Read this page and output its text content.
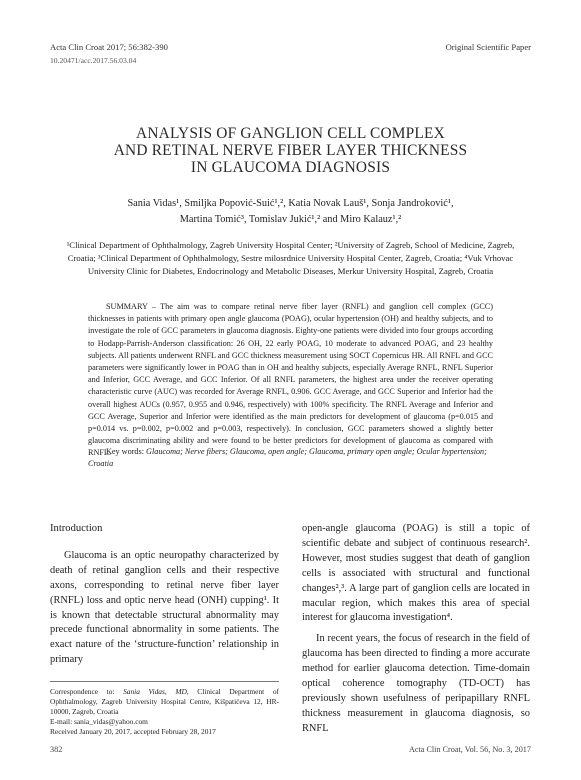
Acta Clin Croat 2017; 56:382-390	Original Scientific Paper
10.20471/acc.2017.56.03.04
ANALYSIS OF GANGLION CELL COMPLEX
AND RETINAL NERVE FIBER LAYER THICKNESS
IN GLAUCOMA DIAGNOSIS
Sania Vidas¹, Smiljka Popović-Suić¹,², Katia Novak Lauš¹, Sonja Jandroković¹,
Martina Tomić³, Tomislav Jukić¹,² and Miro Kalauz¹,²
¹Clinical Department of Ophthalmology, Zagreb University Hospital Center; ²University of Zagreb, School of Medicine, Zagreb, Croatia; ³Clinical Department of Ophthalmology, Sestre milosrdnice University Hospital Center, Zagreb, Croatia; ⁴Vuk Vrhovac University Clinic for Diabetes, Endocrinology and Metabolic Diseases, Merkur University Hospital, Zagreb, Croatia
SUMMARY – The aim was to compare retinal nerve fiber layer (RNFL) and ganglion cell complex (GCC) thicknesses in patients with primary open angle glaucoma (POAG), ocular hypertension (OH) and healthy subjects, and to investigate the role of GCC parameters in glaucoma diagnosis. Eighty-one patients were divided into four groups according to Hodapp-Parrish-Anderson classification: 26 OH, 22 early POAG, 10 moderate to advanced POAG, and 23 healthy subjects. All patients underwent RNFL and GCC thickness measurement using SOCT Copernicus HR. All RNFL and GCC parameters were significantly lower in POAG than in OH and healthy subjects, especially Average RNFL, RNFL Superior and Inferior, GCC Average, and GCC Inferior. Of all RNFL parameters, the highest area under the receiver operating characteristic curve (AUC) was recorded for Average RNFL, 0.906. GCC Average, and GCC Superior and Inferior had the overall highest AUCs (0.957, 0.955 and 0.946, respectively) with 100% specificity. The RNFL Average and Inferior and GCC Average, Superior and Inferior were identified as the main predictors for development of glaucoma (p=0.015 and p=0.014 vs. p=0.002, p=0.002 and p=0.003, respectively). In conclusion, GCC parameters showed a slightly better glaucoma discriminating ability and were found to be better predictors for development of glaucoma as compared with RNFL.
Key words: Glaucoma; Nerve fibers; Glaucoma, open angle; Glaucoma, primary open angle; Ocular hypertension; Croatia
Introduction

Glaucoma is an optic neuropathy characterized by death of retinal ganglion cells and their respective axons, corresponding to retinal nerve fiber layer (RNFL) loss and optic nerve head (ONH) cupping¹. It is known that detectable structural abnormality may precede functional abnormality in some patients. The exact nature of the ‘structure-function’ relationship in primary

open-angle glaucoma (POAG) is still a topic of scientific debate and subject of continuous research². However, most studies suggest that death of ganglion cells is associated with structural and functional changes²,³. A large part of ganglion cells are located in macular region, which makes this area of special interest for glaucoma investigation⁴.

In recent years, the focus of research in the field of glaucoma has been directed to finding a more accurate method for earlier glaucoma detection. Time-domain optical coherence tomography (TD-OCT) has previously shown usefulness of peripapillary RNFL thickness measurement in glaucoma diagnosis, so RNFL

Correspondence to: Sania Vidas, MD, Clinical Department of Ophthalmology, Zagreb University Hospital Centre, Kišpatićeva 12, HR-10000, Zagreb, Croatia
E-mail: sania_vidas@yahoo.com
Received January 20, 2017, accepted February 28, 2017
382	Acta Clin Croat, Vol. 56, No. 3, 2017
